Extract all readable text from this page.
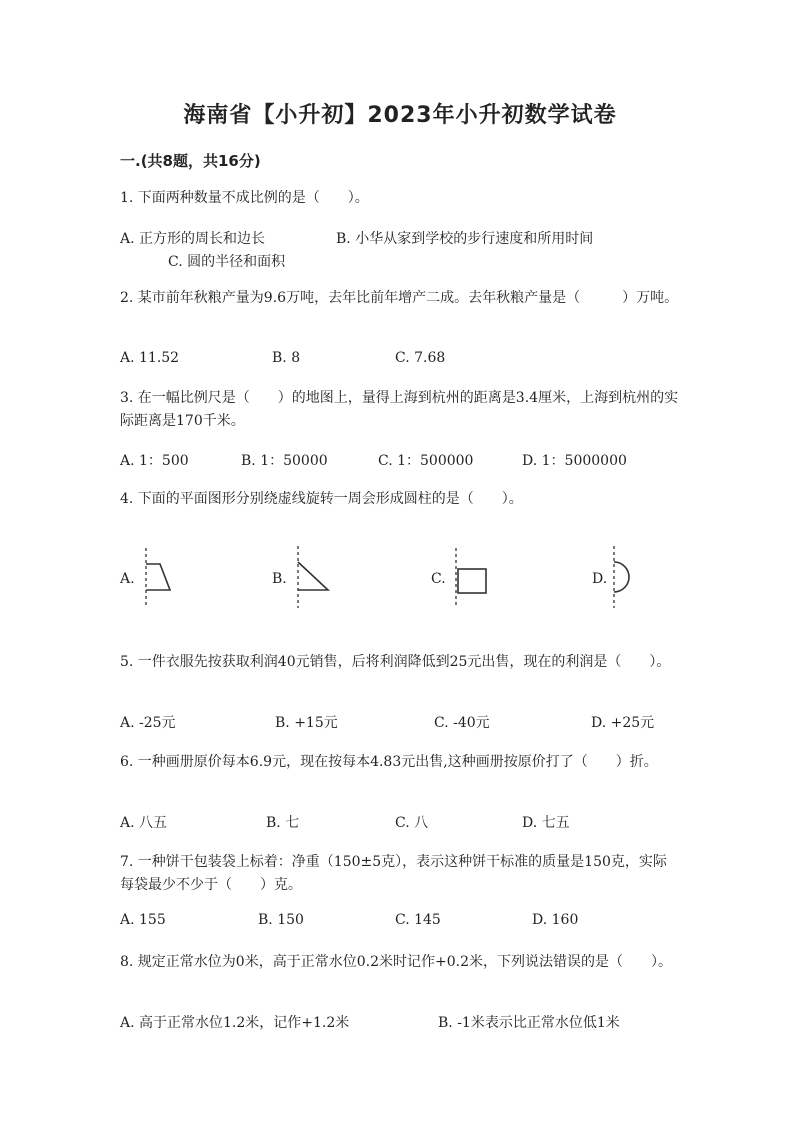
海南省【小升初】2023年小升初数学试卷
一.(共8题，共16分)
1. 下面两种数量不成比例的是（　　）。
A. 正方形的周长和边长	B. 小华从家到学校的步行速度和所用时间
C. 圆的半径和面积
2. 某市前年秋粮产量为9.6万吨，去年比前年增产二成。去年秋粮产量是（　　　）万吨。
A. 11.52	B. 8	C. 7.68
3. 在一幅比例尺是（　　）的地图上，量得上海到杭州的距离是3.4厘米，上海到杭州的实际距离是170千米。
A. 1：500	B. 1：50000	C. 1：500000	D. 1：5000000
4. 下面的平面图形分别绕虚线旋转一周会形成圆柱的是（　　）。
A.	B.	C.	D.
5. 一件衣服先按获取利润40元销售，后将利润降低到25元出售，现在的利润是（　　）。
A. -25元	B. +15元	C. -40元	D. +25元
6. 一种画册原价每本6.9元，现在按每本4.83元出售,这种画册按原价打了（　　）折。
A. 八五	B. 七	C. 八	D. 七五
7. 一种饼干包装袋上标着：净重（150±5克），表示这种饼干标准的质量是150克，实际每袋最少不少于（　　）克。
A. 155	B. 150	C. 145	D. 160
8. 规定正常水位为0米，高于正常水位0.2米时记作+0.2米，下列说法错误的是（　　）。
A. 高于正常水位1.2米，记作+1.2米	B. -1米表示比正常水位低1米
